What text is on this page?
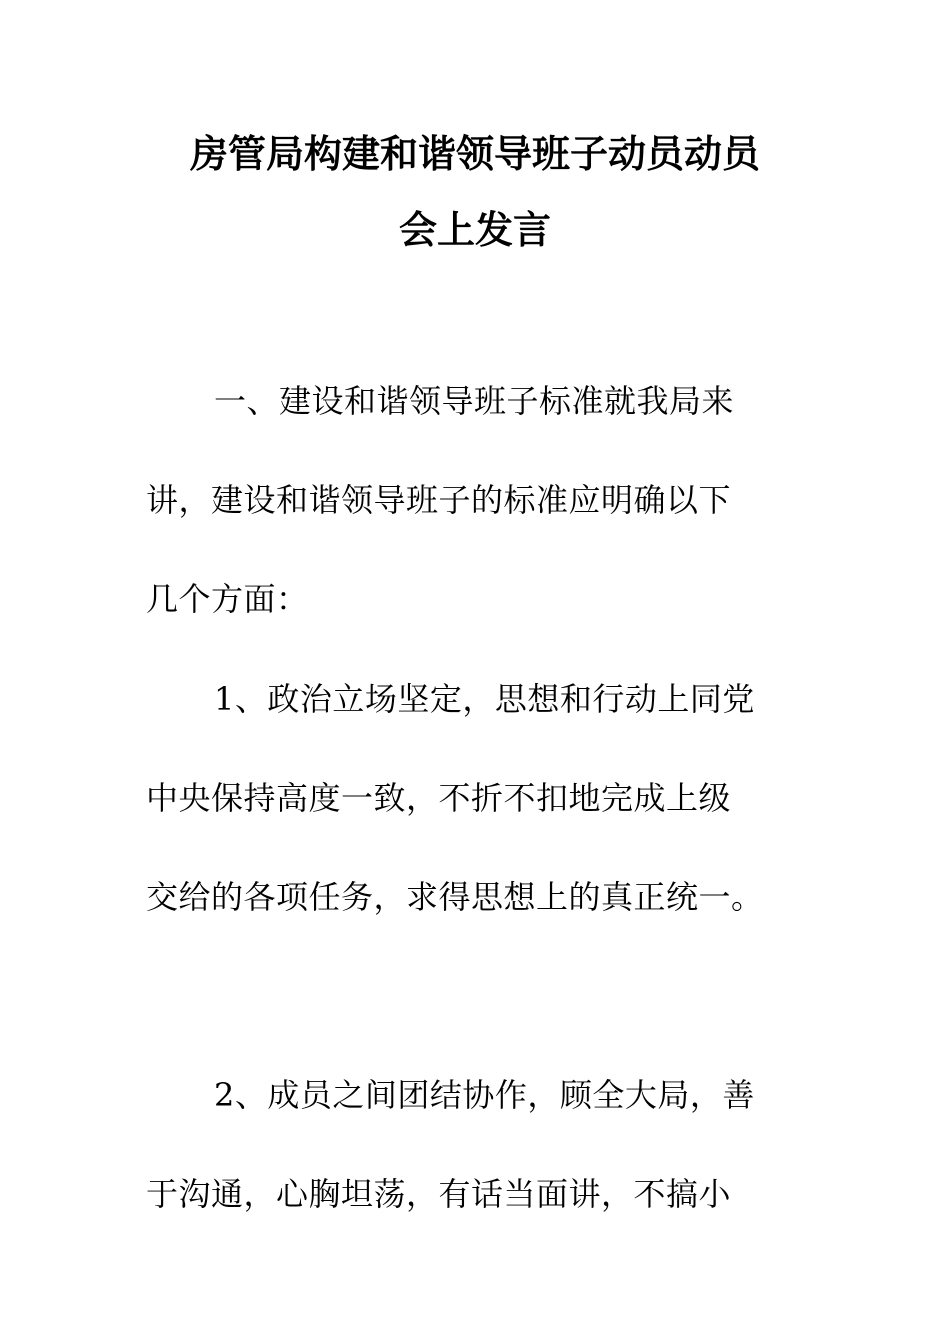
房管局构建和谐领导班子动员动员
会上发言
一、建设和谐领导班子标准就我局来
讲，建设和谐领导班子的标准应明确以下
几个方面：
1、政治立场坚定，思想和行动上同党
中央保持高度一致，不折不扣地完成上级
交给的各项任务，求得思想上的真正统一。
2、成员之间团结协作，顾全大局，善
于沟通，心胸坦荡，有话当面讲，不搞小
